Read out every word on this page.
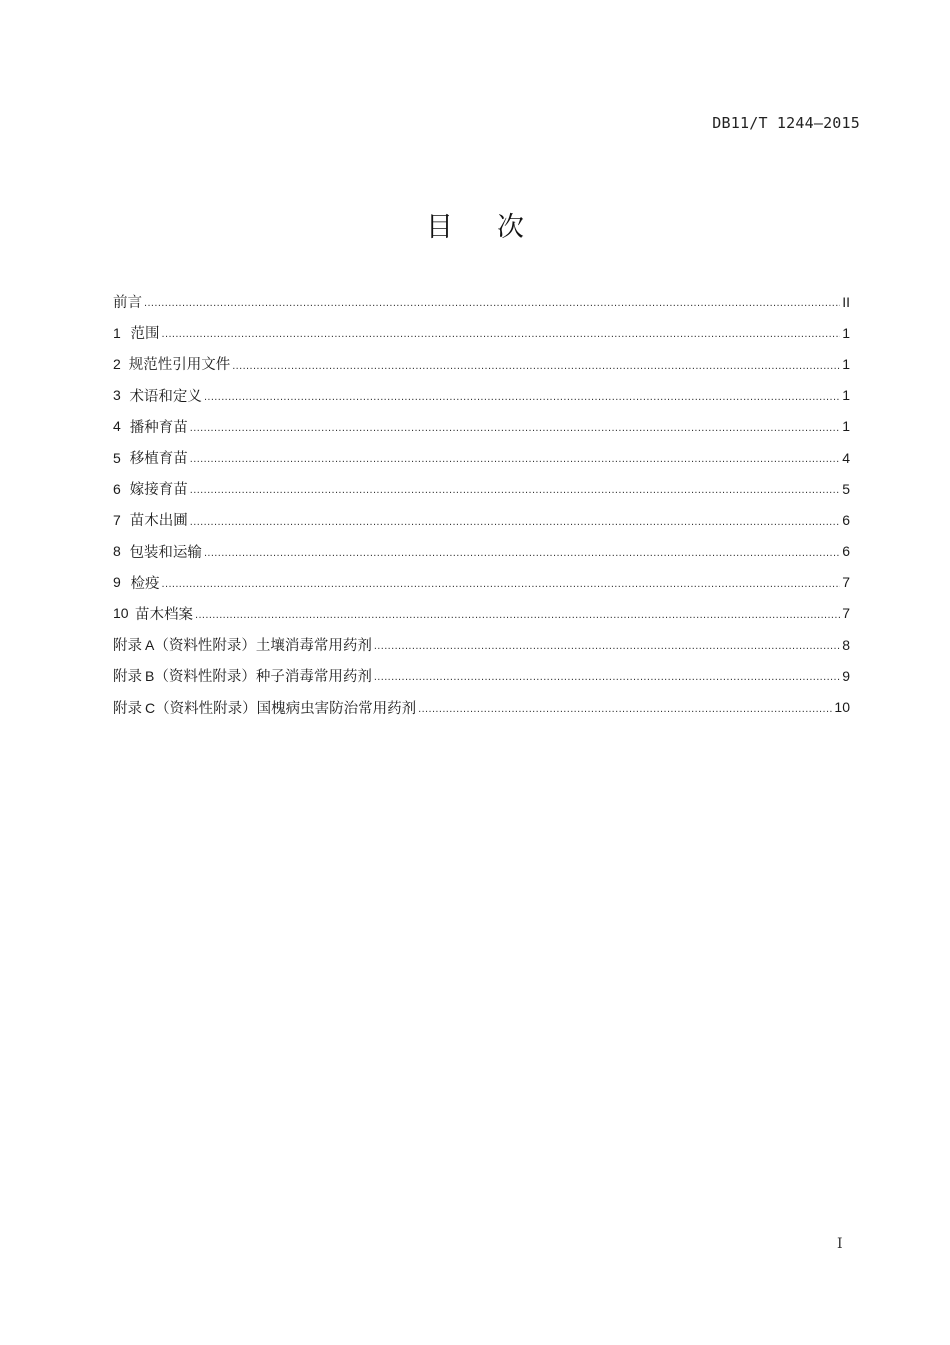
DB11/T 1244—2015
目次
前言 .....	II
1 范围 .....	1
2 规范性引用文件 .....	1
3 术语和定义 .....	1
4 播种育苗 .....	1
5 移植育苗 .....	4
6 嫁接育苗 .....	5
7 苗木出圃 .....	6
8 包装和运输 .....	6
9 检疫 .....	7
10 苗木档案 .....	7
附录 A（资料性附录） 土壤消毒常用药剂 .....	8
附录 B（资料性附录） 种子消毒常用药剂 .....	9
附录 C（资料性附录） 国槐病虫害防治常用药剂 .....	10
I
